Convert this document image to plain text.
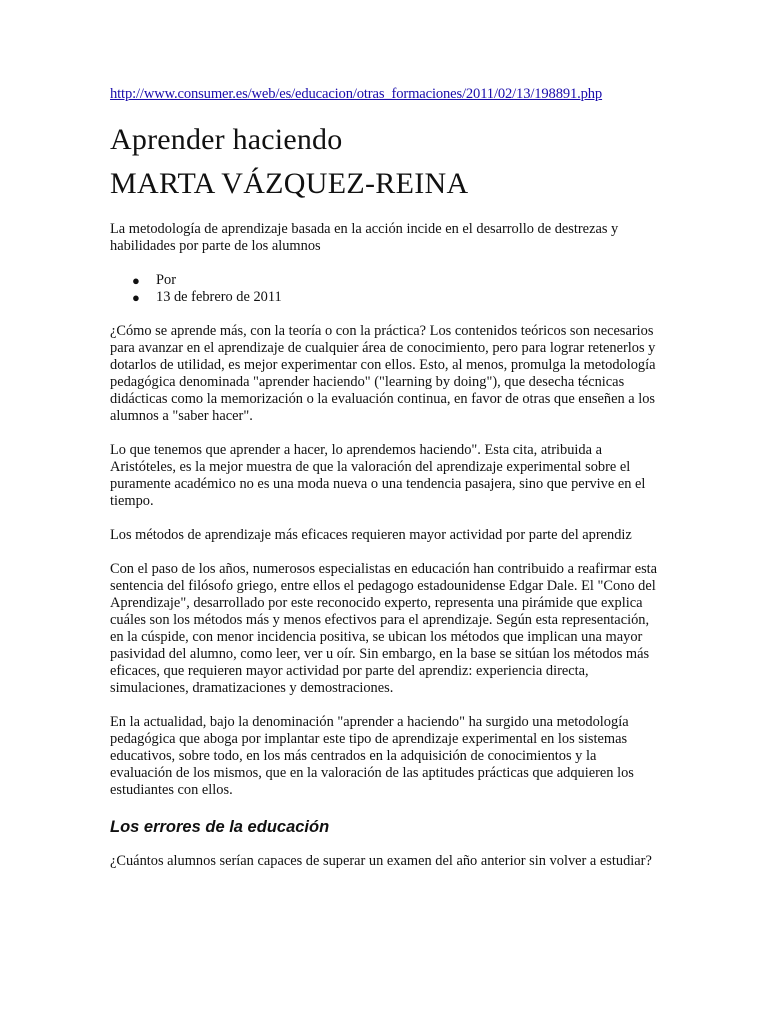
http://www.consumer.es/web/es/educacion/otras_formaciones/2011/02/13/198891.php
Aprender haciendo
MARTA VÁZQUEZ-REINA

La metodología de aprendizaje basada en la acción incide en el desarrollo de destrezas y habilidades por parte de los alumnos

● Por
● 13 de febrero de 2011

¿Cómo se aprende más, con la teoría o con la práctica? Los contenidos teóricos son necesarios para avanzar en el aprendizaje de cualquier área de conocimiento, pero para lograr retenerlos y dotarlos de utilidad, es mejor experimentar con ellos. Esto, al menos, promulga la metodología pedagógica denominada "aprender haciendo" ("learning by doing"), que desecha técnicas didácticas como la memorización o la evaluación continua, en favor de otras que enseñen a los alumnos a "saber hacer".

Lo que tenemos que aprender a hacer, lo aprendemos haciendo". Esta cita, atribuida a Aristóteles, es la mejor muestra de que la valoración del aprendizaje experimental sobre el puramente académico no es una moda nueva o una tendencia pasajera, sino que pervive en el tiempo.

Los métodos de aprendizaje más eficaces requieren mayor actividad por parte del aprendiz

Con el paso de los años, numerosos especialistas en educación han contribuido a reafirmar esta sentencia del filósofo griego, entre ellos el pedagogo estadounidense Edgar Dale. El "Cono del Aprendizaje", desarrollado por este reconocido experto, representa una pirámide que explica cuáles son los métodos más y menos efectivos para el aprendizaje. Según esta representación, en la cúspide, con menor incidencia positiva, se ubican los métodos que implican una mayor pasividad del alumno, como leer, ver u oír. Sin embargo, en la base se sitúan los métodos más eficaces, que requieren mayor actividad por parte del aprendiz: experiencia directa, simulaciones, dramatizaciones y demostraciones.

En la actualidad, bajo la denominación "aprender a haciendo" ha surgido una metodología pedagógica que aboga por implantar este tipo de aprendizaje experimental en los sistemas educativos, sobre todo, en los más centrados en la adquisición de conocimientos y la evaluación de los mismos, que en la valoración de las aptitudes prácticas que adquieren los estudiantes con ellos.

Los errores de la educación

¿Cuántos alumnos serían capaces de superar un examen del año anterior sin volver a estudiar?
